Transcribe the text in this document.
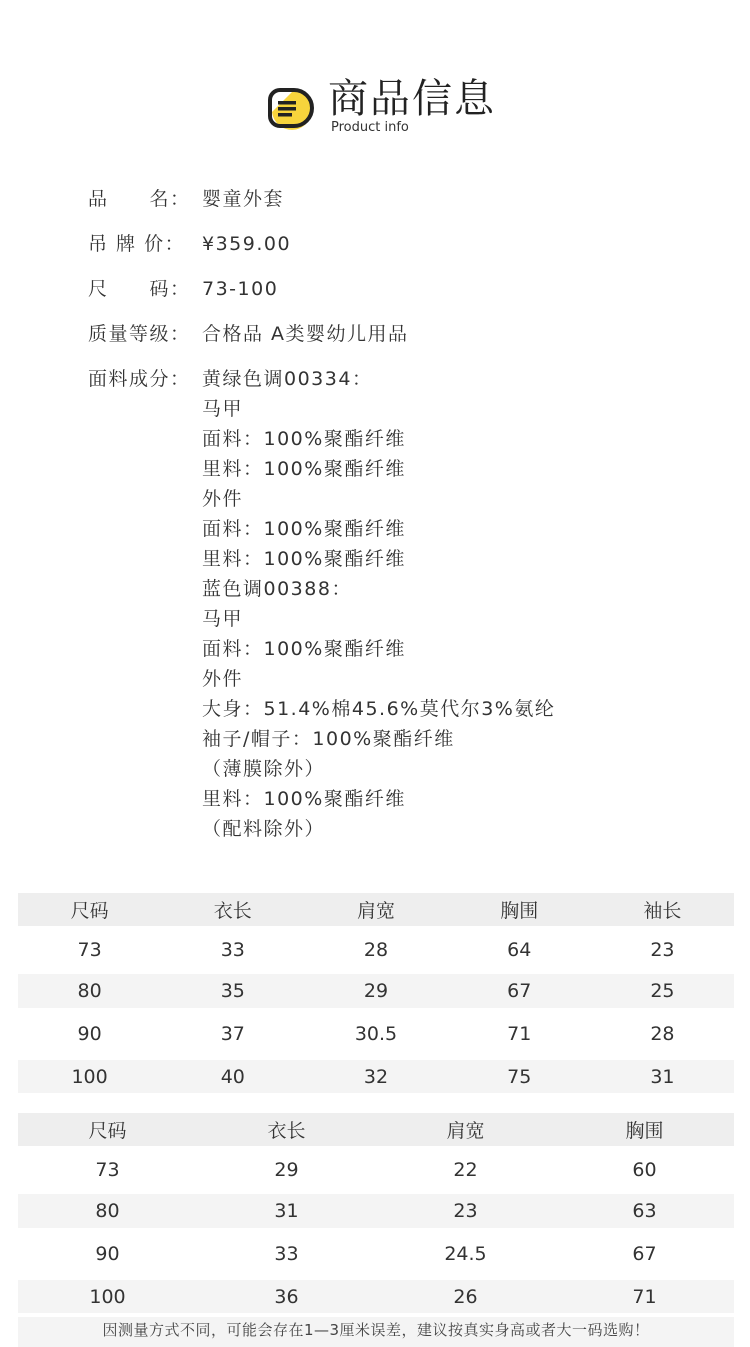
商品信息
Product info
品　　名： 婴童外套
吊 牌 价： ¥359.00
尺　　码： 73-100
质量等级： 合格品 A类婴幼儿用品
面料成分： 黄绿色调00334：
马甲
面料：100%聚酯纤维
里料：100%聚酯纤维
外件
面料：100%聚酯纤维
里料：100%聚酯纤维
蓝色调00388：
马甲
面料：100%聚酯纤维
外件
大身：51.4%棉45.6%莫代尔3%氨纶
袖子/帽子：100%聚酯纤维
（薄膜除外）
里料：100%聚酯纤维
（配料除外）
尺码	衣长	肩宽	胸围	袖长
73	33	28	64	23
80	35	29	67	25
90	37	30.5	71	28
100	40	32	75	31
尺码	衣长	肩宽	胸围
73	29	22	60
80	31	23	63
90	33	24.5	67
100	36	26	71
因测量方式不同，可能会存在1—3厘米误差，建议按真实身高或者大一码选购！
